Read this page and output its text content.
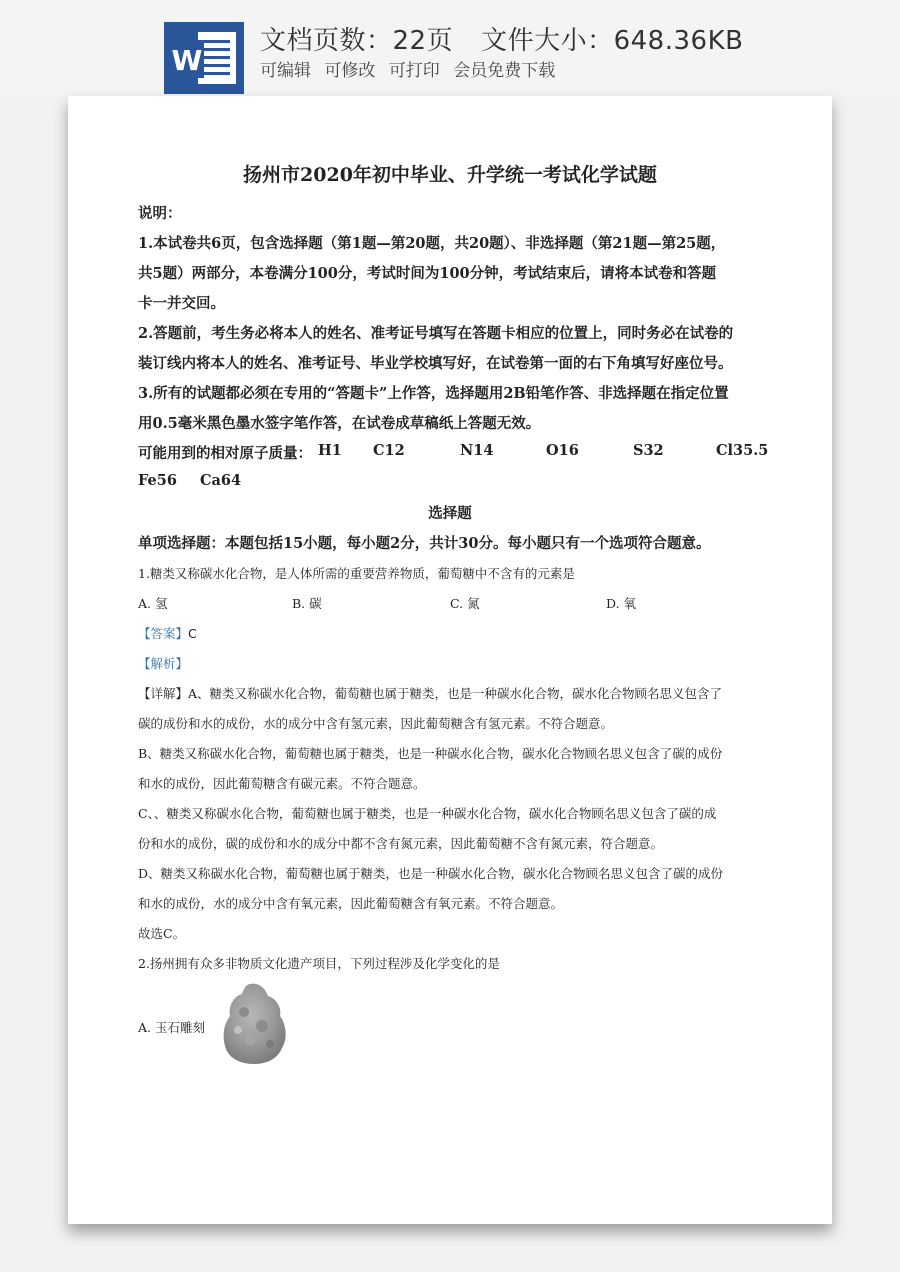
W
文档页数：22页 文件大小：648.36KB
可编辑 可修改 可打印 会员免费下载
扬州市2020年初中毕业、升学统一考试化学试题
说明：
1.本试卷共6页，包含选择题（第1题—第20题，共20题）、非选择题（第21题—第25题，
共5题）两部分，本卷满分100分，考试时间为100分钟，考试结束后，请将本试卷和答题
卡一并交回。
2.答题前，考生务必将本人的姓名、准考证号填写在答题卡相应的位置上，同时务必在试卷的
装订线内将本人的姓名、准考证号、毕业学校填写好，在试卷第一面的右下角填写好座位号。
3.所有的试题都必须在专用的“答题卡”上作答，选择题用2B铅笔作答、非选择题在指定位置
用0.5毫米黑色墨水签字笔作答，在试卷成草稿纸上答题无效。
可能用到的相对原子质量： H1 C12	N14	O16	S32	Cl35.5
Fe56 Ca64
选择题
单项选择题：本题包括15小题，每小题2分，共计30分。每小题只有一个选项符合题意。
1.糖类又称碳水化合物，是人体所需的重要营养物质，葡萄糖中不含有的元素是
A. 氢	B. 碳	C. 氮	D. 氧
【答案】C
【解析】
【详解】A、糖类又称碳水化合物，葡萄糖也属于糖类，也是一种碳水化合物，碳水化合物顾名思义包含了
碳的成份和水的成份，水的成分中含有氢元素，因此葡萄糖含有氢元素。不符合题意。
B、糖类又称碳水化合物，葡萄糖也属于糖类，也是一种碳水化合物，碳水化合物顾名思义包含了碳的成份
和水的成份，因此葡萄糖含有碳元素。不符合题意。
C、、糖类又称碳水化合物，葡萄糖也属于糖类，也是一种碳水化合物，碳水化合物顾名思义包含了碳的成
份和水的成份，碳的成份和水的成分中都不含有氮元素，因此葡萄糖不含有氮元素，符合题意。
D、糖类又称碳水化合物，葡萄糖也属于糖类，也是一种碳水化合物，碳水化合物顾名思义包含了碳的成份
和水的成份，水的成分中含有氧元素，因此葡萄糖含有氧元素。不符合题意。
故选C。
2.扬州拥有众多非物质文化遗产项目，下列过程涉及化学变化的是
A. 玉石雕刻
